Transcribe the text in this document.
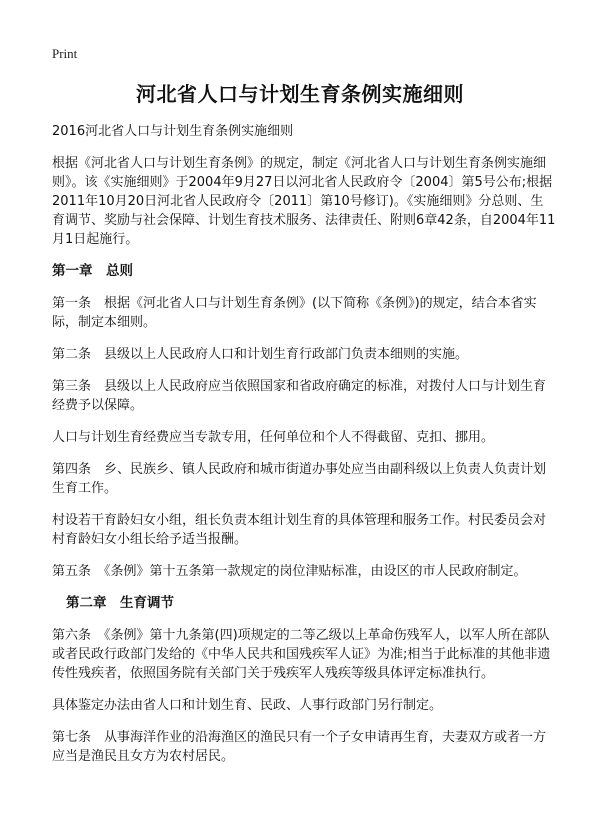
Print
河北省人口与计划生育条例实施细则

2016河北省人口与计划生育条例实施细则

根据《河北省人口与计划生育条例》的规定，制定《河北省人口与计划生育条例实施细则》。该《实施细则》于2004年9月27日以河北省人民政府令〔2004〕第5号公布;根据2011年10月20日河北省人民政府令〔2011〕第10号修订)。《实施细则》分总则、生育调节、奖励与社会保障、计划生育技术服务、法律责任、附则6章42条，自2004年11月1日起施行。

第一章　总则

第一条　根据《河北省人口与计划生育条例》(以下简称《条例》)的规定，结合本省实际，制定本细则。

第二条　县级以上人民政府人口和计划生育行政部门负责本细则的实施。

第三条　县级以上人民政府应当依照国家和省政府确定的标准，对拨付人口与计划生育经费予以保障。

人口与计划生育经费应当专款专用，任何单位和个人不得截留、克扣、挪用。

第四条　乡、民族乡、镇人民政府和城市街道办事处应当由副科级以上负责人负责计划生育工作。

村设若干育龄妇女小组，组长负责本组计划生育的具体管理和服务工作。村民委员会对村育龄妇女小组长给予适当报酬。

第五条　《条例》第十五条第一款规定的岗位津贴标准，由设区的市人民政府制定。

第二章　生育调节

第六条　《条例》第十九条第(四)项规定的二等乙级以上革命伤残军人，以军人所在部队或者民政行政部门发给的《中华人民共和国残疾军人证》为准;相当于此标准的其他非遗传性残疾者，依照国务院有关部门关于残疾军人残疾等级具体评定标准执行。

具体鉴定办法由省人口和计划生育、民政、人事行政部门另行制定。

第七条　从事海洋作业的沿海渔区的渔民只有一个子女申请再生育，夫妻双方或者一方应当是渔民且女方为农村居民。
